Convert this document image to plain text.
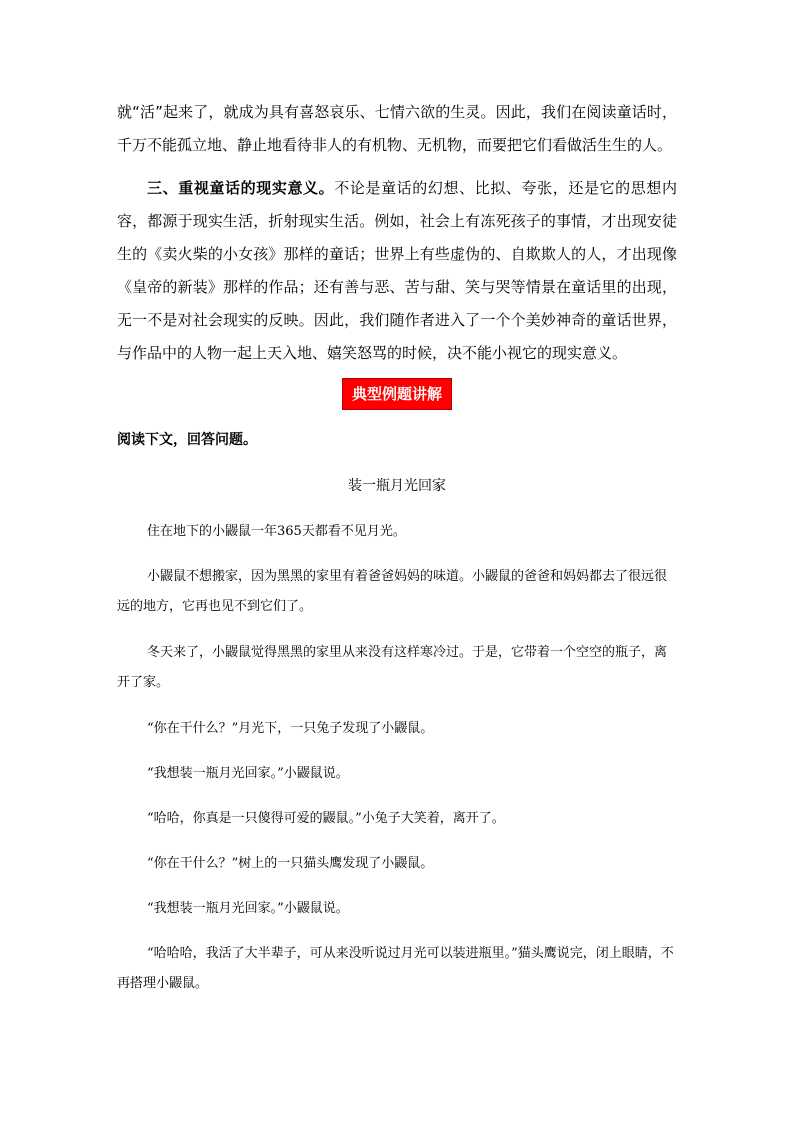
就“活”起来了，就成为具有喜怒哀乐、七情六欲的生灵。因此，我们在阅读童话时，千万不能孤立地、静止地看待非人的有机物、无机物，而要把它们看做活生生的人。

三、重视童话的现实意义。不论是童话的幻想、比拟、夸张，还是它的思想内容，都源于现实生活，折射现实生活。例如，社会上有冻死孩子的事情，才出现安徒生的《卖火柴的小女孩》那样的童话；世界上有些虚伪的、自欺欺人的人，才出现像《皇帝的新装》那样的作品；还有善与恶、苦与甜、笑与哭等情景在童话里的出现，无一不是对社会现实的反映。因此，我们随作者进入了一个个美妙神奇的童话世界，与作品中的人物一起上天入地、嬉笑怒骂的时候，决不能小视它的现实意义。

典型例题讲解

阅读下文，回答问题。

装一瓶月光回家

住在地下的小鼹鼠一年365天都看不见月光。

小鼹鼠不想搬家，因为黑黑的家里有着爸爸妈妈的味道。小鼹鼠的爸爸和妈妈都去了很远很远的地方，它再也见不到它们了。

冬天来了，小鼹鼠觉得黑黑的家里从来没有这样寒冷过。于是，它带着一个空空的瓶子，离开了家。

“你在干什么？”月光下，一只兔子发现了小鼹鼠。

“我想装一瓶月光回家。”小鼹鼠说。

“哈哈，你真是一只傻得可爱的鼹鼠。”小兔子大笑着，离开了。

“你在干什么？”树上的一只猫头鹰发现了小鼹鼠。

“我想装一瓶月光回家。”小鼹鼠说。

“哈哈哈，我活了大半辈子，可从来没听说过月光可以装进瓶里。”猫头鹰说完，闭上眼睛，不再搭理小鼹鼠。
